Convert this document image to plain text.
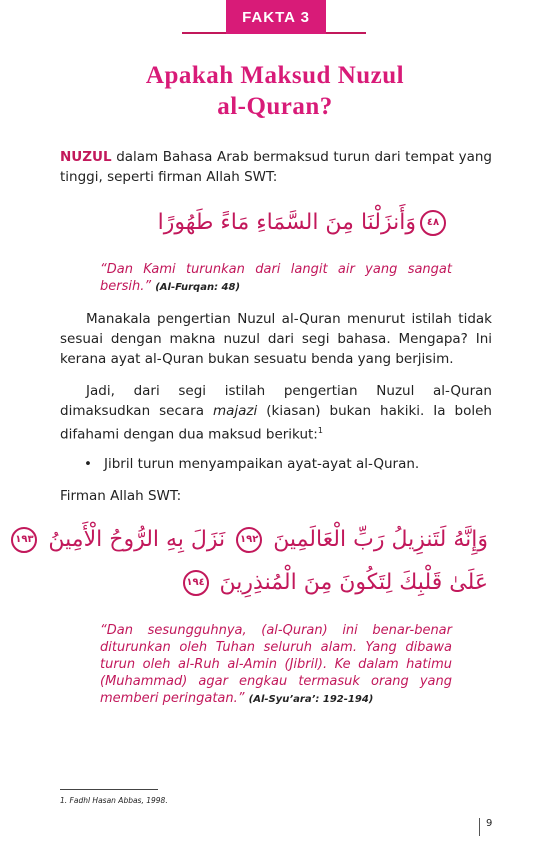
FAKTA 3
Apakah Maksud Nuzul
al-Quran?
NUZUL dalam Bahasa Arab bermaksud turun dari tempat yang tinggi, seperti firman Allah SWT:
٤٨وَأَنزَلْنَا مِنَ السَّمَاءِ مَاءً طَهُورًا
“Dan Kami turunkan dari langit air yang sangat bersih.” (Al-Furqan: 48)
Manakala pengertian Nuzul al-Quran menurut istilah tidak sesuai dengan makna nuzul dari segi bahasa. Mengapa? Ini kerana ayat al-Quran bukan sesuatu benda yang berjisim.
Jadi, dari segi istilah pengertian Nuzul al-Quran dimaksudkan secara majazi (kiasan) bukan hakiki. Ia boleh difahami dengan dua maksud berikut:$^1$
• Jibril turun menyampaikan ayat-ayat al-Quran.
Firman Allah SWT:
وَإِنَّهُ لَتَنزِيلُ رَبِّ الْعَالَمِينَ ١٩٢ نَزَلَ بِهِ الرُّوحُ الْأَمِينُ ١٩٣
عَلَىٰ قَلْبِكَ لِتَكُونَ مِنَ الْمُنذِرِينَ ١٩٤
“Dan sesungguhnya, (al-Quran) ini benar-benar diturunkan oleh Tuhan seluruh alam. Yang dibawa turun oleh al-Ruh al-Amin (Jibril). Ke dalam hatimu (Muhammad) agar engkau termasuk orang yang memberi peringatan.” (Al-Syu’ara’: 192-194)
1. Fadhl Hasan Abbas, 1998.
9
